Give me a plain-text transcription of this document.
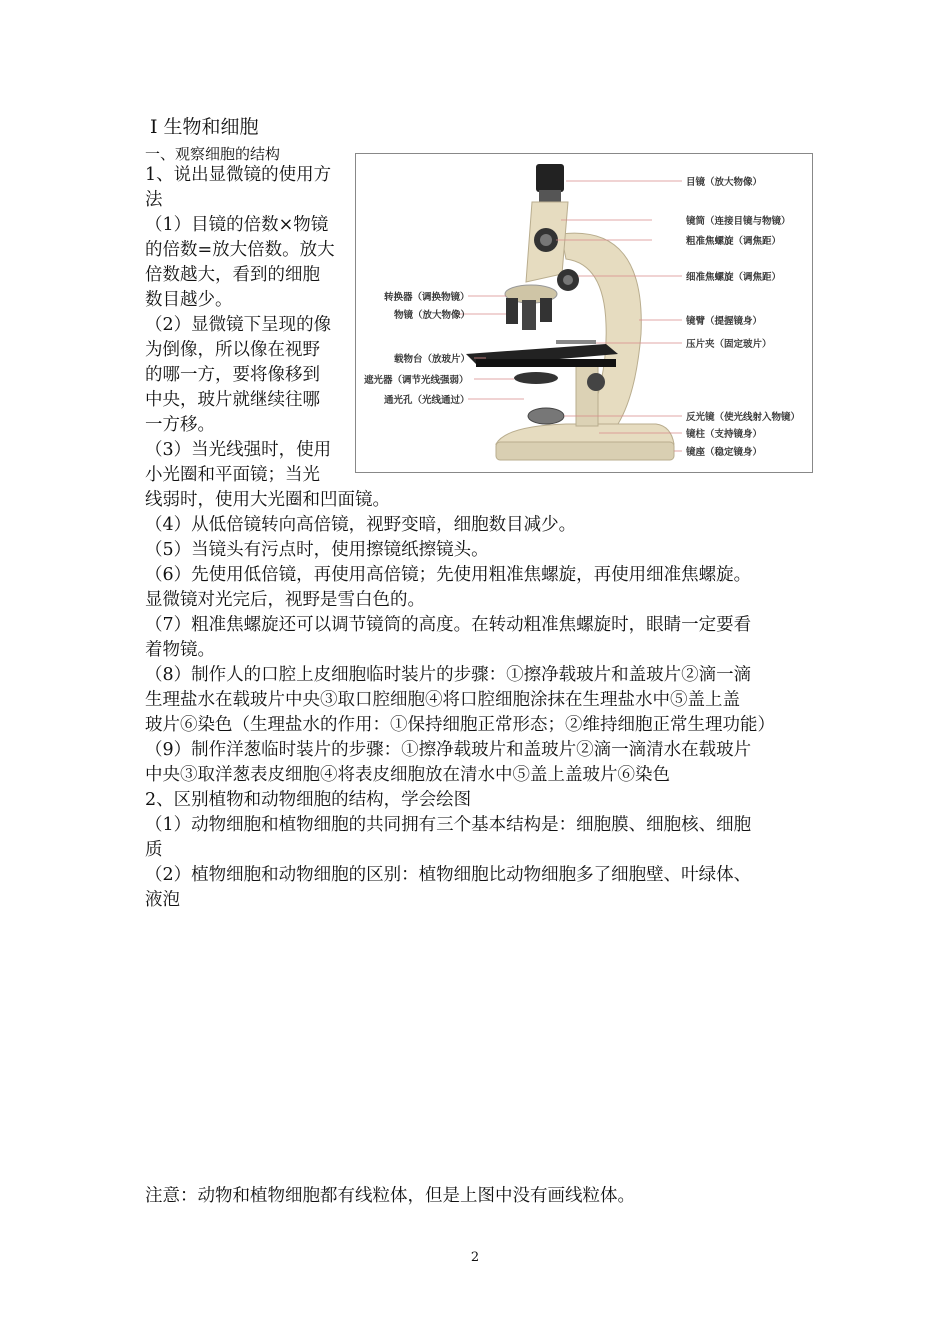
Ⅰ 生物和细胞
一、观察细胞的结构
目镜（放大物像）
镜筒（连接目镜与物镜）
粗准焦螺旋（调焦距）
细准焦螺旋（调焦距）
镜臂（提握镜身）
压片夹（固定玻片）
反光镜（使光线射入物镜）
镜柱（支持镜身）
镜座（稳定镜身）
转换器（调换物镜）
物镜（放大物像）
载物台（放玻片）
遮光器（调节光线强弱）
通光孔（光线通过）
1、说出显微镜的使用方
法
（1）目镜的倍数×物镜
的倍数=放大倍数。放大
倍数越大，看到的细胞
数目越少。
（2）显微镜下呈现的像
为倒像，所以像在视野
的哪一方，要将像移到
中央，玻片就继续往哪
一方移。
（3）当光线强时，使用
小光圈和平面镜；当光
线弱时，使用大光圈和凹面镜。
（4）从低倍镜转向高倍镜，视野变暗，细胞数目减少。
（5）当镜头有污点时，使用擦镜纸擦镜头。
（6）先使用低倍镜，再使用高倍镜；先使用粗准焦螺旋，再使用细准焦螺旋。
显微镜对光完后，视野是雪白色的。
（7）粗准焦螺旋还可以调节镜筒的高度。在转动粗准焦螺旋时，眼睛一定要看
着物镜。
（8）制作人的口腔上皮细胞临时装片的步骤：①擦净载玻片和盖玻片②滴一滴
生理盐水在载玻片中央③取口腔细胞④将口腔细胞涂抹在生理盐水中⑤盖上盖
玻片⑥染色（生理盐水的作用：①保持细胞正常形态；②维持细胞正常生理功能）
（9）制作洋葱临时装片的步骤：①擦净载玻片和盖玻片②滴一滴清水在载玻片
中央③取洋葱表皮细胞④将表皮细胞放在清水中⑤盖上盖玻片⑥染色
2、区别植物和动物细胞的结构，学会绘图
（1）动物细胞和植物细胞的共同拥有三个基本结构是：细胞膜、细胞核、细胞
质
（2）植物细胞和动物细胞的区别：植物细胞比动物细胞多了细胞壁、叶绿体、
液泡
注意：动物和植物细胞都有线粒体，但是上图中没有画线粒体。
2
